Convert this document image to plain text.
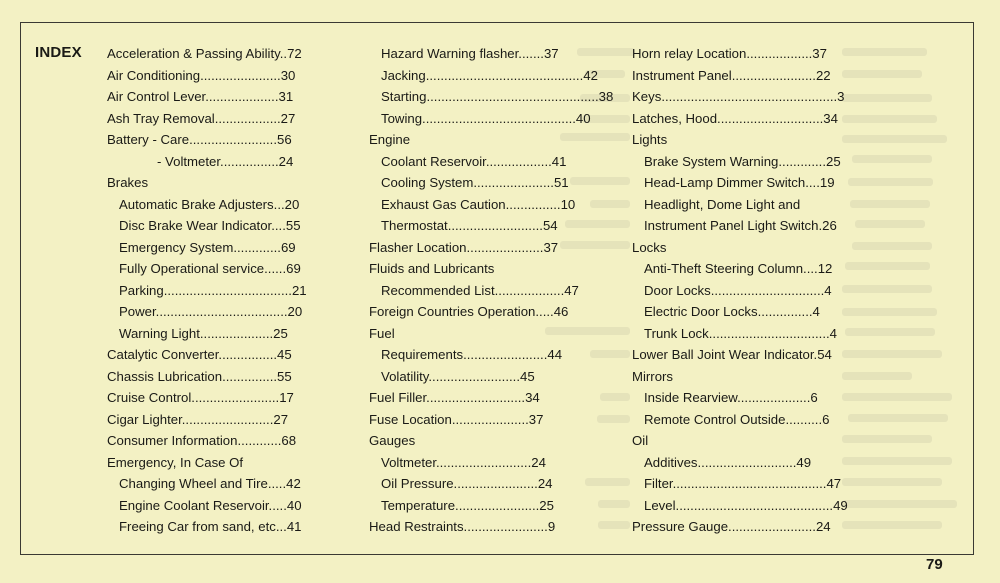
INDEX Acceleration & Passing Ability..72
Air Conditioning......................30
Air Control Lever....................31
Ash Tray Removal..................27
Battery - Care........................56
- Voltmeter................24
Brakes
Automatic Brake Adjusters...20
Disc Brake Wear Indicator....55
Emergency System.............69
Fully Operational service......69
Parking...................................21
Power....................................20
Warning Light....................25
Catalytic Converter................45
Chassis Lubrication...............55
Cruise Control........................17
Cigar Lighter.........................27
Consumer Information............68
Emergency, In Case Of
Changing Wheel and Tire.....42
Engine Coolant Reservoir.....40
Freeing Car from sand, etc...41
Hazard Warning flasher.......37
Jacking...........................................42
Starting...............................................38
Towing..........................................40
Engine
Coolant Reservoir..................41
Cooling System......................51
Exhaust Gas Caution...............10
Thermostat..........................54
Flasher Location.....................37
Fluids and Lubricants
Recommended List...................47
Foreign Countries Operation.....46
Fuel
Requirements.......................44
Volatility.........................45
Fuel Filler...........................34
Fuse Location.....................37
Gauges
Voltmeter..........................24
Oil Pressure.......................24
Temperature.......................25
Head Restraints.......................9
Horn relay Location..................37
Instrument Panel.......................22
Keys................................................3
Latches, Hood.............................34
Lights
Brake System Warning.............25
Head-Lamp Dimmer Switch....19
Headlight, Dome Light and
Instrument Panel Light Switch.26
Locks
Anti-Theft Steering Column....12
Door Locks...............................4
Electric Door Locks...............4
Trunk Lock.................................4
Lower Ball Joint Wear Indicator.54
Mirrors
Inside Rearview....................6
Remote Control Outside..........6
Oil
Additives...........................49
Filter..........................................47
Level...........................................49
Pressure Gauge........................24
79
